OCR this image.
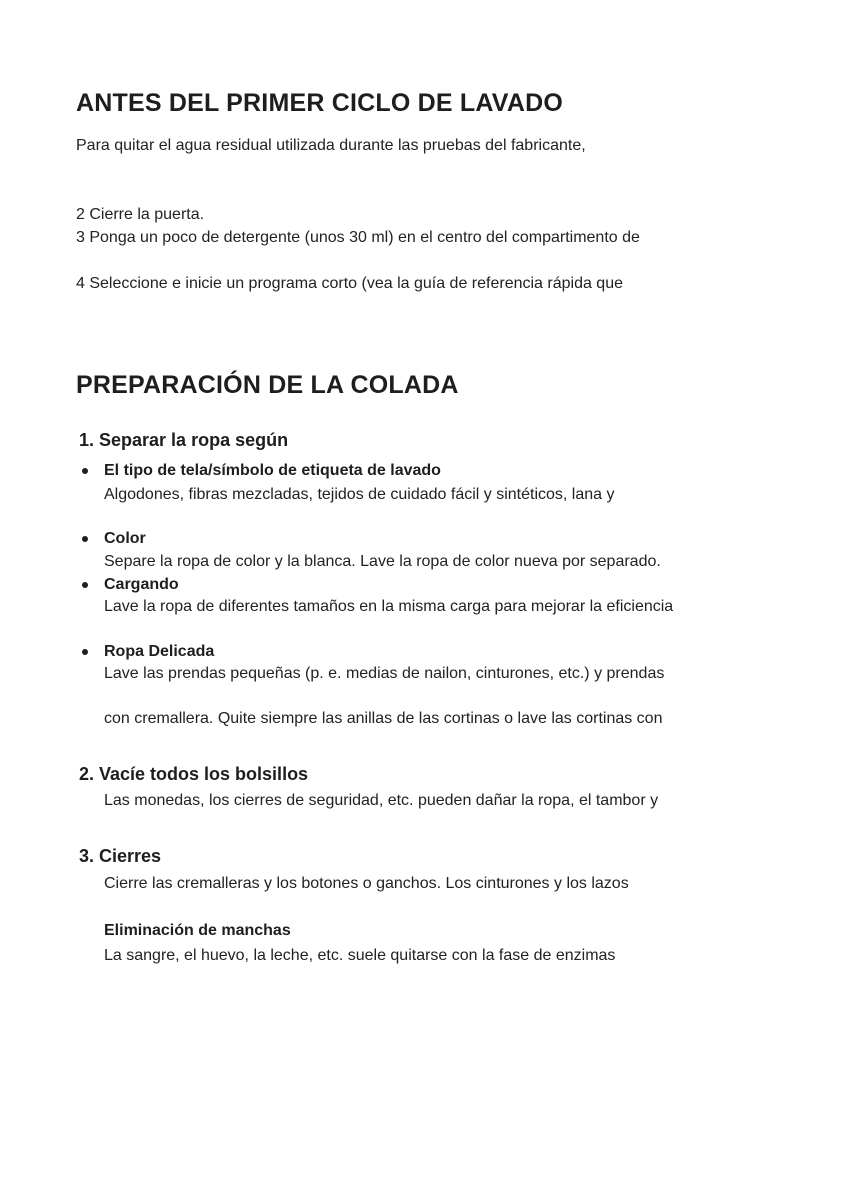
ANTES DEL PRIMER CICLO DE LAVADO
Para quitar el agua residual utilizada durante las pruebas del fabricante,
2 Cierre la puerta.
3 Ponga un poco de detergente (unos 30 ml) en el centro del compartimento de
4 Seleccione e inicie un programa corto (vea la guía de referencia rápida que
PREPARACIÓN DE LA COLADA
1. Separar la ropa según
El tipo de tela/símbolo de etiqueta de lavado
Algodones, fibras mezcladas, tejidos de cuidado fácil y sintéticos, lana y
Color
Separe la ropa de color y la blanca. Lave la ropa de color nueva por separado.
Cargando
Lave la ropa de diferentes tamaños en la misma carga para mejorar la eficiencia
Ropa Delicada
Lave las prendas pequeñas (p. e. medias de nailon, cinturones, etc.) y prendas
con cremallera. Quite siempre las anillas de las cortinas o lave las cortinas con
2. Vacíe todos los bolsillos
Las monedas, los cierres de seguridad, etc. pueden dañar la ropa, el tambor y
3. Cierres
Cierre las cremalleras y los botones o ganchos. Los cinturones y los lazos
Eliminación de manchas
La sangre, el huevo, la leche, etc. suele quitarse con la fase de enzimas
